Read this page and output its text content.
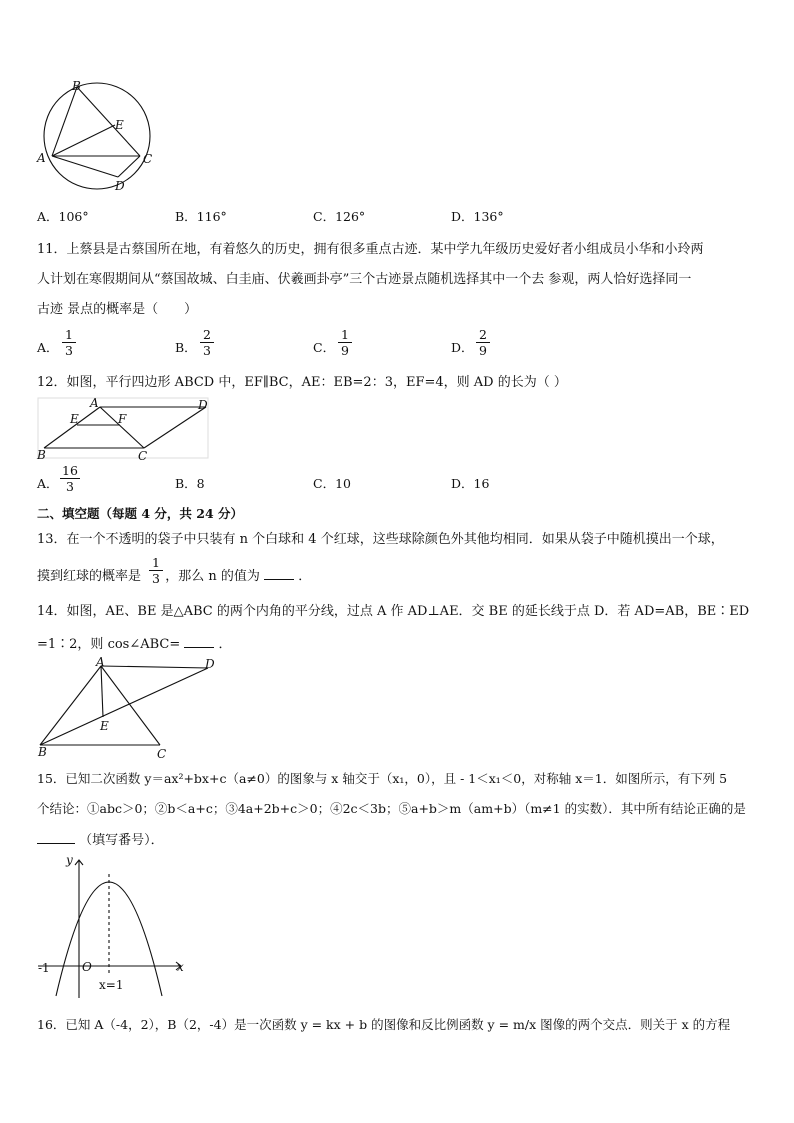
B
E
A	C
D
A．106°	B．116°	C．126°	D．136°
11．上蔡县是古蔡国所在地，有着悠久的历史，拥有很多重点古迹．某中学九年级历史爱好者小组成员小华和小玲两
人计划在寒假期间从“蔡国故城、白圭庙、伏羲画卦亭”三个古迹景点随机选择其中一个去 参观，两人恰好选择同一
古迹 景点的概率是（　　）
A． $\frac{1}{3}$	B． $\frac{2}{3}$	C． $\frac{1}{9}$	D． $\frac{2}{9}$
12．如图，平行四边形 ABCD 中，EF∥BC，AE：EB=2：3，EF=4，则 AD 的长为（ ）
A	D
E	F
B	C
A． $\frac{16}{3}$	B．8	C．10	D．16
二、填空题（每题 4 分，共 24 分）
13．在一个不透明的袋子中只装有 n 个白球和 4 个红球，这些球除颜色外其他均相同．如果从袋子中随机摸出一个球，
摸到红球的概率是 ，那么 n 的值为	．
$\frac{1}{3}$
14．如图，AE、BE 是△ABC 的两个内角的平分线，过点 A 作 AD⊥AE．交 BE 的延长线于点 D．若 AD=AB，BE∶ED
=1∶2，则 cos∠ABC=	．
A	D
E
B	C
15．已知二次函数 y＝ax²+bx+c（a≠0）的图象与 x 轴交于（x₁，0），且 - 1＜x₁＜0，对称轴 x＝1．如图所示，有下列 5
个结论：①abc＞0；②b＜a+c；③4a+2b+c＞0；④2c＜3b；⑤a+b＞m（am+b）（m≠1 的实数）．其中所有结论正确的是
（填写番号）．
y
x
O
-1
x=1
16．已知 A（-4，2），B（2，-4）是一次函数 y = kx + b 的图像和反比例函数 y = m/x 图像的两个交点．则关于 x 的方程
